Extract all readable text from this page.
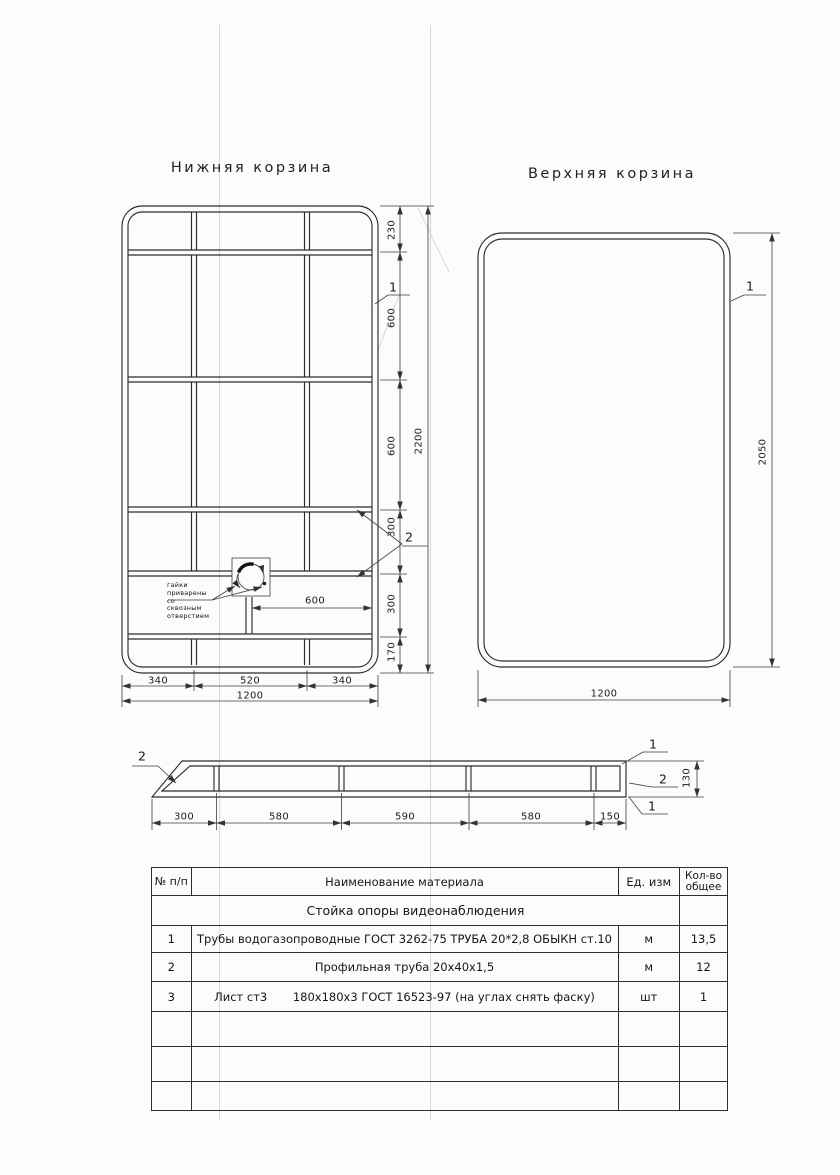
Нижняя корзина	Верхняя корзина
230
600
600
300
300
170
2200
340	520	340
1200
600
1
2
гайки
приварены
со
сквозным
отверстием
2050
1200
1
300	580	590	580	150
130
2
1
2
1
№ п/п	Наименование материала	Ед. изм	Кол-во
общее

Стойка опоры видеонаблюдения			
1	Трубы водогазопроводные ГОСТ 3262-75 ТРУБА 20*2,8 ОБЫКН ст.10	м	13,5
2	Профильная труба 20х40х1,5	м	12
3	Лист ст3       180х180х3 ГОСТ 16523-97 (на углах снять фаску)	шт	1
